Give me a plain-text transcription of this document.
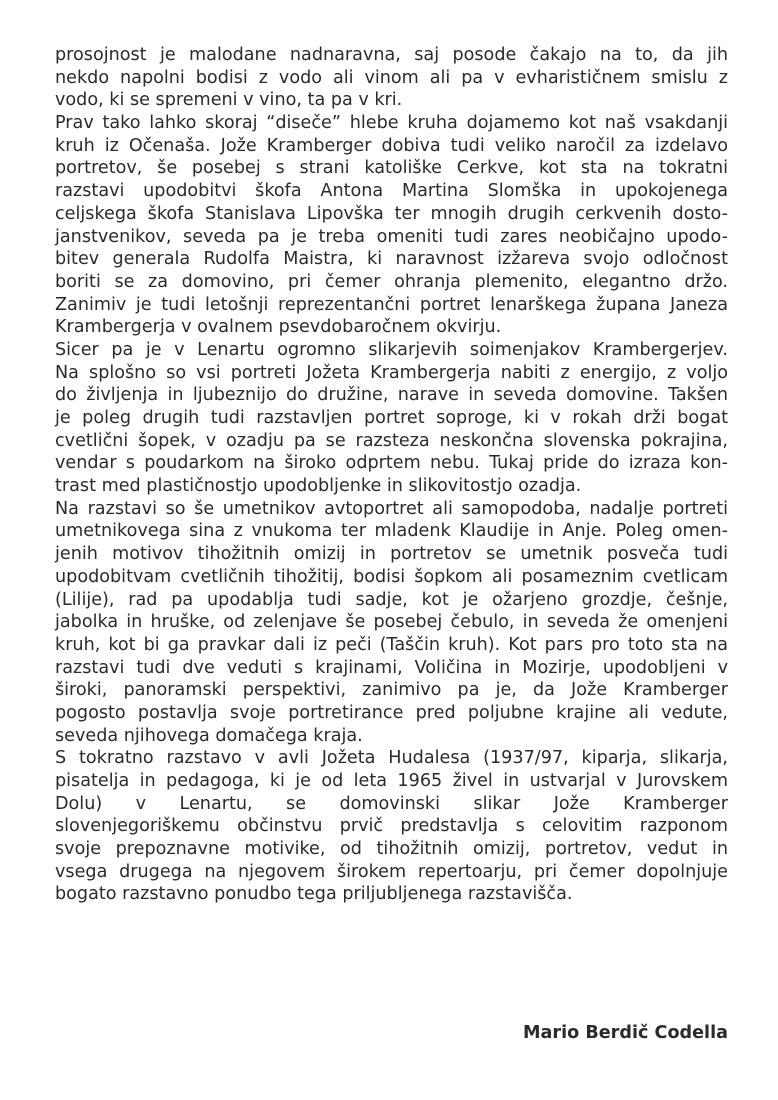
prosojnost je malodane nadnaravna, saj posode čakajo na to, da jih
nekdo napolni bodisi z vodo ali vinom ali pa v evharističnem smislu z
vodo, ki se spremeni v vino, ta pa v kri.
Prav tako lahko skoraj “diseče” hlebe kruha dojamemo kot naš vsakdanji
kruh iz Očenaša. Jože Kramberger dobiva tudi veliko naročil za izdelavo
portretov, še posebej s strani katoliške Cerkve, kot sta na tokratni
razstavi upodobitvi škofa Antona Martina Slomška in upokojenega
celjskega škofa Stanislava Lipovška ter mnogih drugih cerkvenih dosto-
janstvenikov, seveda pa je treba omeniti tudi zares neobičajno upodo-
bitev generala Rudolfa Maistra, ki naravnost izžareva svojo odločnost
boriti se za domovino, pri čemer ohranja plemenito, elegantno držo.
Zanimiv je tudi letošnji reprezentančni portret lenarškega župana Janeza
Krambergerja v ovalnem psevdobaročnem okvirju.
Sicer pa je v Lenartu ogromno slikarjevih soimenjakov Krambergerjev.
Na splošno so vsi portreti Jožeta Krambergerja nabiti z energijo, z voljo
do življenja in ljubeznijo do družine, narave in seveda domovine. Takšen
je poleg drugih tudi razstavljen portret soproge, ki v rokah drži bogat
cvetlični šopek, v ozadju pa se razsteza neskončna slovenska pokrajina,
vendar s poudarkom na široko odprtem nebu. Tukaj pride do izraza kon-
trast med plastičnostjo upodobljenke in slikovitostjo ozadja.
Na razstavi so še umetnikov avtoportret ali samopodoba, nadalje portreti
umetnikovega sina z vnukoma ter mladenk Klaudije in Anje. Poleg omen-
jenih motivov tihožitnih omizij in portretov se umetnik posveča tudi
upodobitvam cvetličnih tihožitij, bodisi šopkom ali posameznim cvetlicam
(Lilije), rad pa upodablja tudi sadje, kot je ožarjeno grozdje, češnje,
jabolka in hruške, od zelenjave še posebej čebulo, in seveda že omenjeni
kruh, kot bi ga pravkar dali iz peči (Taščin kruh). Kot pars pro toto sta na
razstavi tudi dve veduti s krajinami, Voličina in Mozirje, upodobljeni v
široki, panoramski perspektivi, zanimivo pa je, da Jože Kramberger
pogosto postavlja svoje portretirance pred poljubne krajine ali vedute,
seveda njihovega domačega kraja.
S tokratno razstavo v avli Jožeta Hudalesa (1937/97, kiparja, slikarja,
pisatelja in pedagoga, ki je od leta 1965 živel in ustvarjal v Jurovskem
Dolu) v Lenartu, se domovinski slikar Jože Kramberger
slovenjegoriškemu občinstvu prvič predstavlja s celovitim razponom
svoje prepoznavne motivike, od tihožitnih omizij, portretov, vedut in
vsega drugega na njegovem širokem repertoarju, pri čemer dopolnjuje
bogato razstavno ponudbo tega priljubljenega razstavišča.
Mario Berdič Codella
